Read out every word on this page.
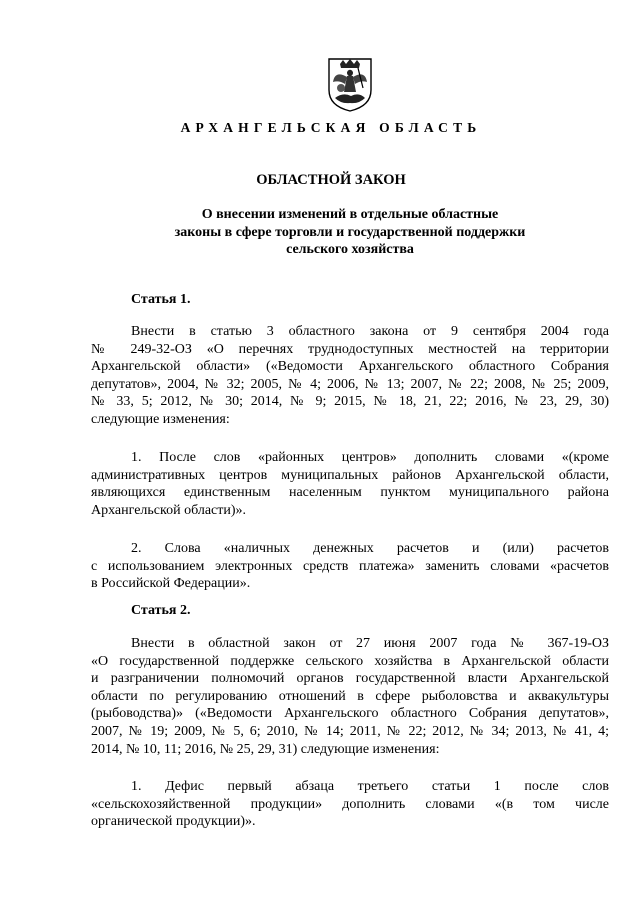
АРХАНГЕЛЬСКАЯ ОБЛАСТЬ
ОБЛАСТНОЙ ЗАКОН
О внесении изменений в отдельные областные
законы в сфере торговли и государственной поддержки
сельского хозяйства
Статья 1.
Внести в статью 3 областного закона от 9 сентября 2004 года
№ 249-32-ОЗ «О перечнях труднодоступных местностей на территории
Архангельской области» («Ведомости Архангельского областного Собрания
депутатов», 2004, № 32; 2005, № 4; 2006, № 13; 2007, № 22; 2008, № 25; 2009,
№ 33, 5; 2012, № 30; 2014, № 9; 2015, № 18, 21, 22; 2016, № 23, 29, 30)
следующие изменения:
1. После слов «районных центров» дополнить словами «(кроме
административных центров муниципальных районов Архангельской области,
являющихся единственным населенным пунктом муниципального района
Архангельской области)».
2. Слова «наличных денежных расчетов и (или) расчетов
с использованием электронных средств платежа» заменить словами «расчетов
в Российской Федерации».
Статья 2.
Внести в областной закон от 27 июня 2007 года № 367-19-ОЗ
«О государственной поддержке сельского хозяйства в Архангельской области
и разграничении полномочий органов государственной власти Архангельской
области по регулированию отношений в сфере рыболовства и аквакультуры
(рыбоводства)» («Ведомости Архангельского областного Собрания депутатов»,
2007, № 19; 2009, № 5, 6; 2010, № 14; 2011, № 22; 2012, № 34; 2013, № 41, 4;
2014, № 10, 11; 2016, № 25, 29, 31) следующие изменения:
1. Дефис первый абзаца третьего статьи 1 после слов
«сельскохозяйственной продукции» дополнить словами «(в том числе
органической продукции)».
